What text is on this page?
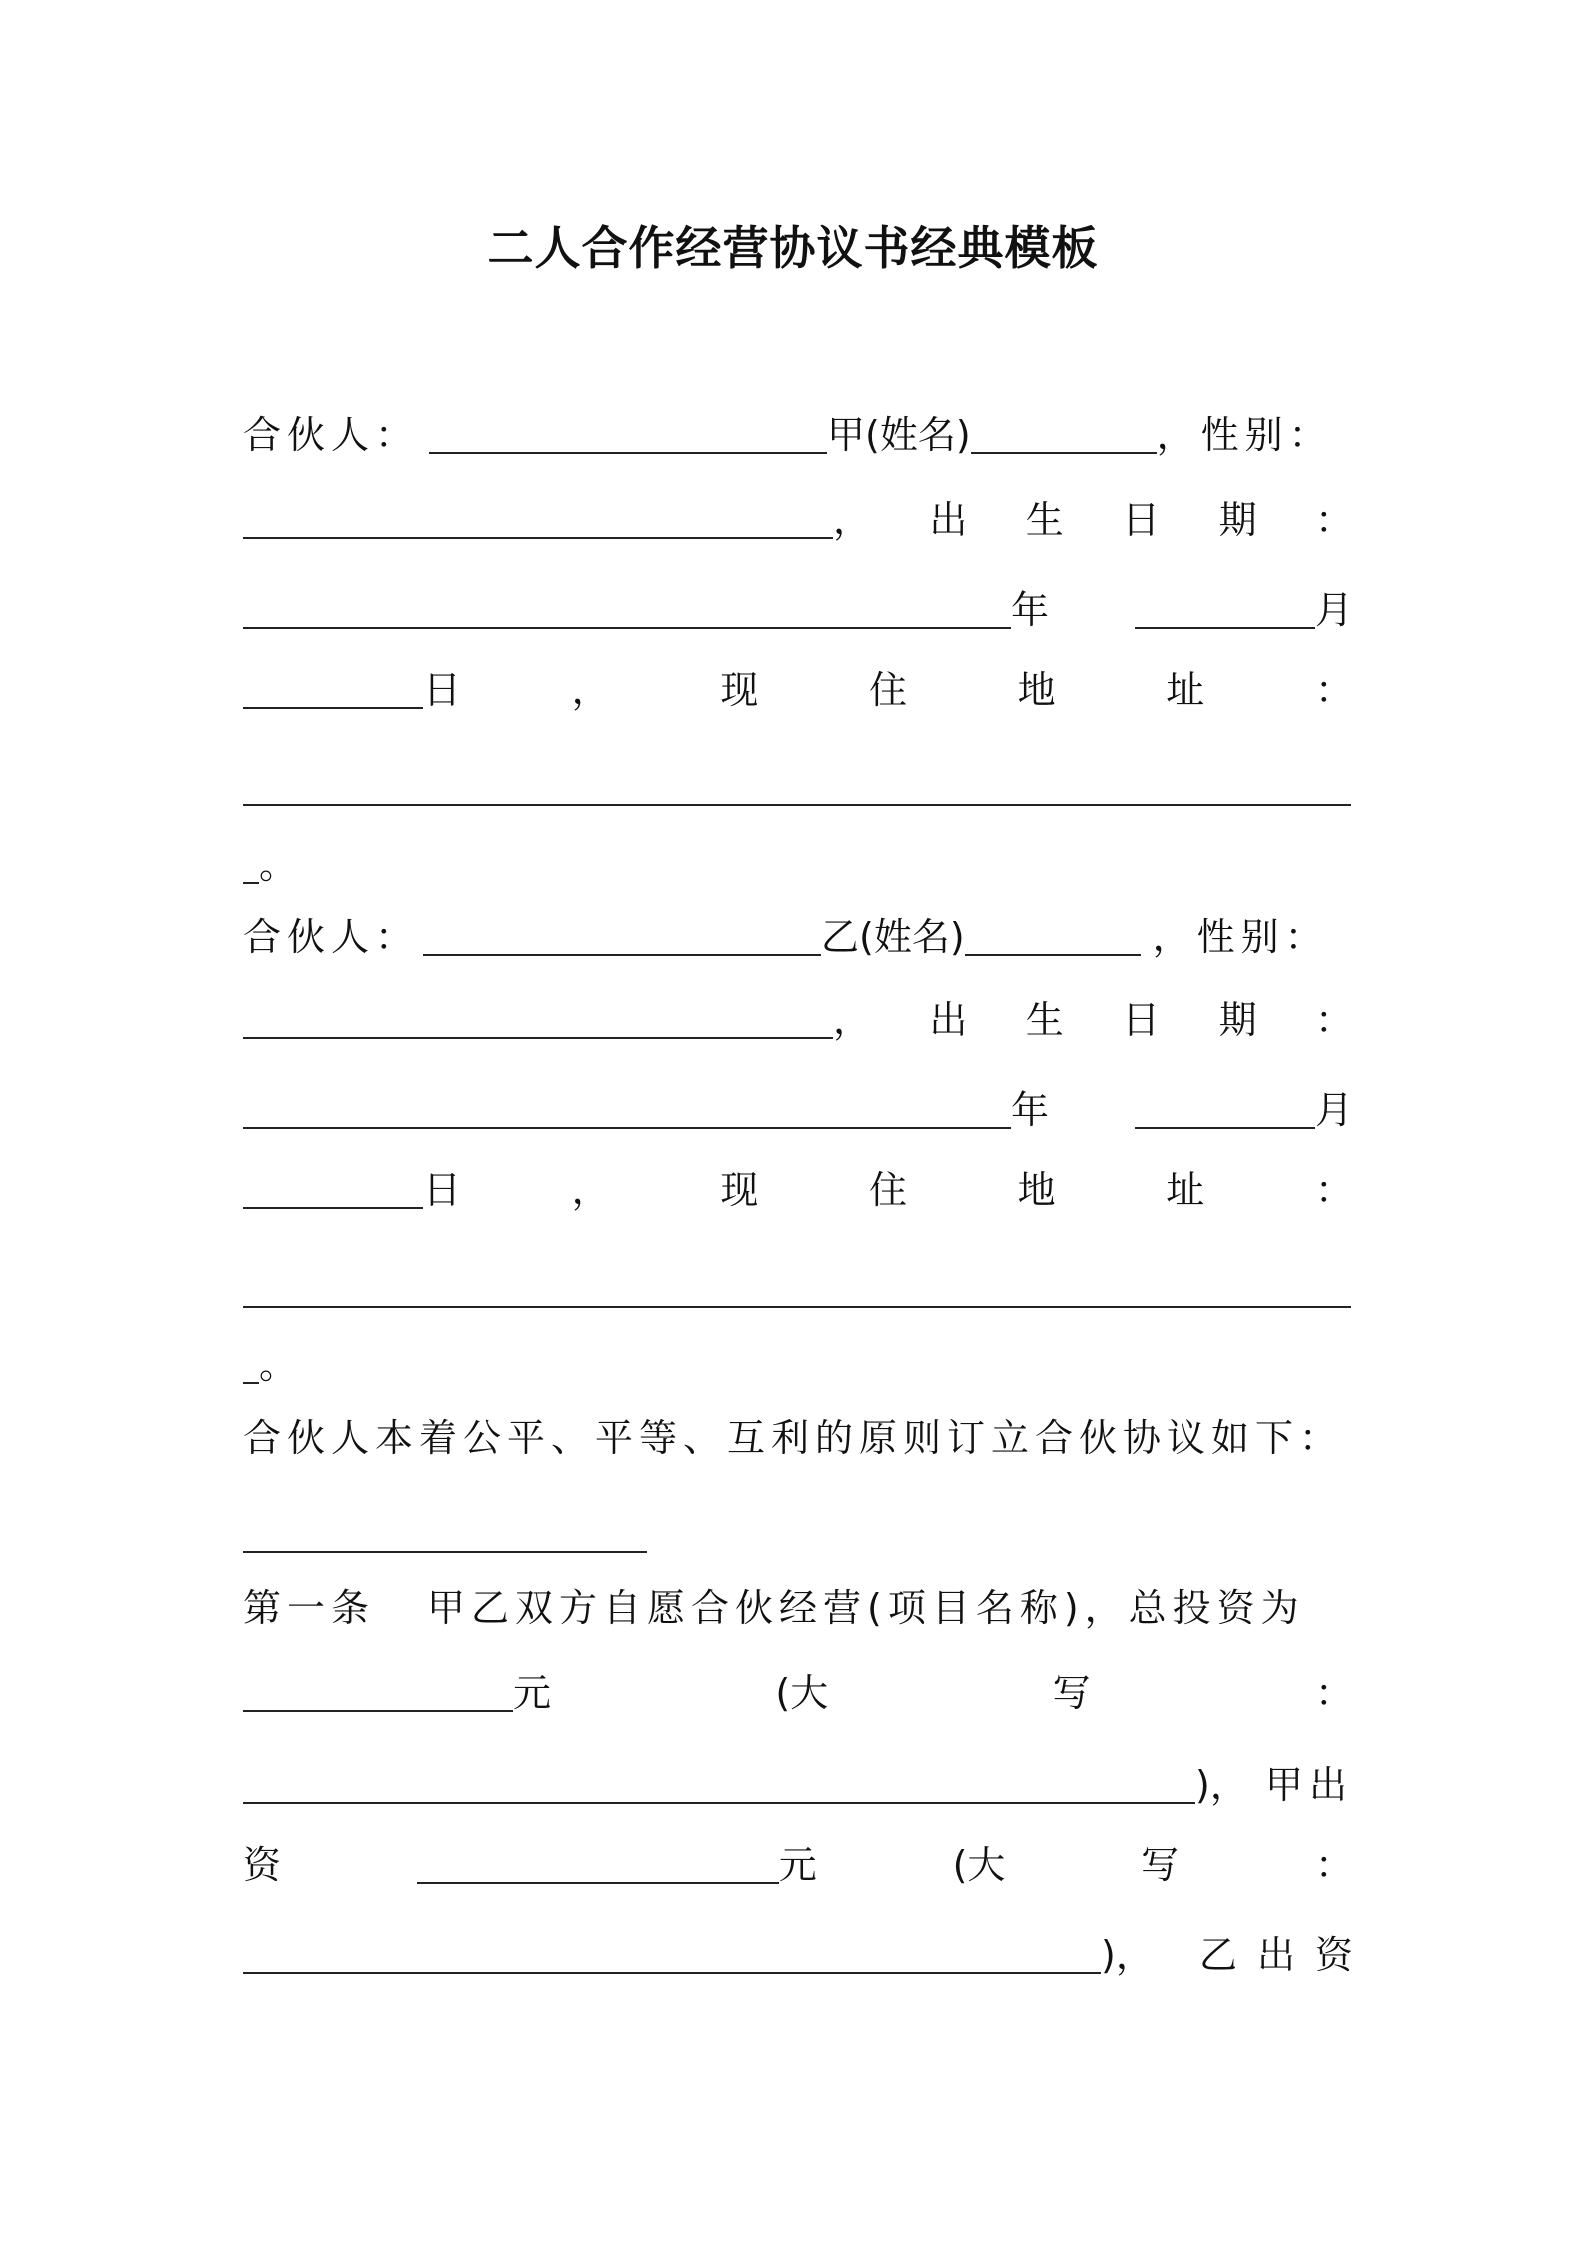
二人合作经营协议书经典模板
合伙人：	甲(姓名)	，性别：
， 出 生 日 期 ：
年	月
日	，	现	住	地	址	：
。
合伙人：	乙(姓名)	，性别：
， 出 生 日 期 ：
年	月
日	，	现	住	地	址	：
。
合伙人本着公平、平等、互利的原则订立合伙协议如下：
第一条 甲乙双方自愿合伙经营(项目名称)，总投资为
元	(大	写	：
)， 甲出
资	元	(大	写	：
)， 乙出资
